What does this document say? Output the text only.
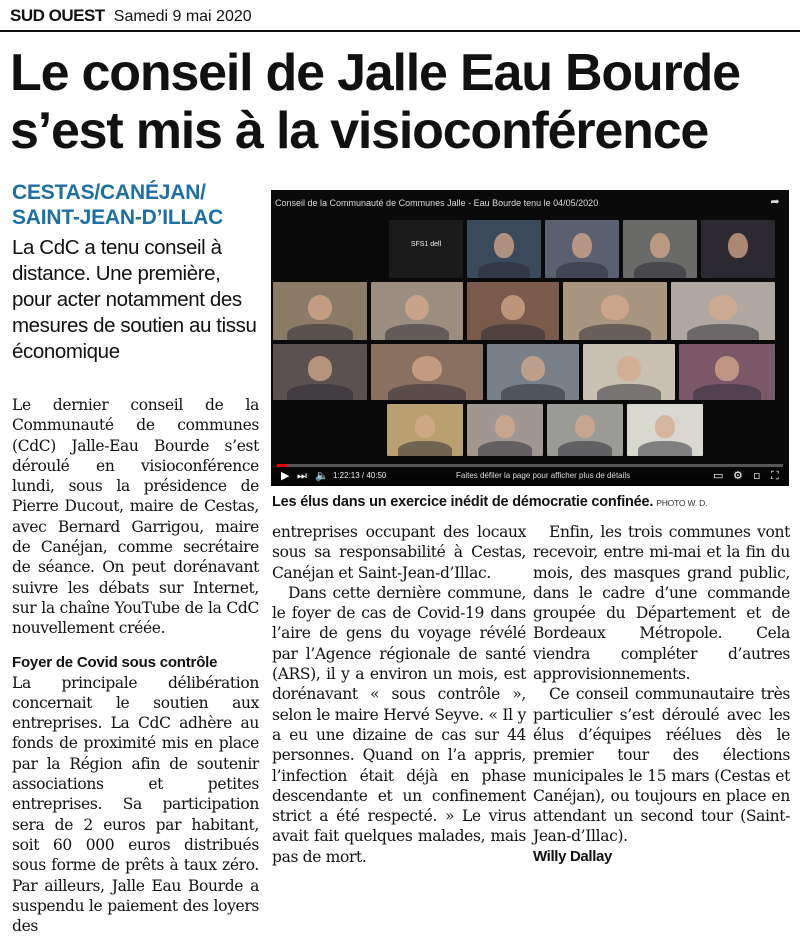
SUD OUEST Samedi 9 mai 2020
Le conseil de Jalle Eau Bourde
s’est mis à la visioconférence
CESTAS/CANÉJAN/
SAINT-JEAN-D’ILLAC
La CdC a tenu conseil à distance. Une première, pour acter notamment des mesures de soutien au tissu économique
Conseil de la Communauté de Communes Jalle - Eau Bourde tenu le 04/05/2020	➦
SFS1 dell
▶ ⏭ 🔈 1:22:13 / 40:50	Faites défiler la page pour afficher plus de détails	▭ ⚙ ▫ ⛶
Les élus dans un exercice inédit de démocratie confinée. PHOTO W. D.

Le dernier conseil de la Communauté de communes (CdC) Jalle-Eau Bourde s’est déroulé en visioconférence lundi, sous la présidence de Pierre Ducout, maire de Cestas, avec Bernard Garrigou, maire de Canéjan, comme secrétaire de séance. On peut dorénavant suivre les débats sur Internet, sur la chaîne YouTube de la CdC nouvellement créée.

Foyer de Covid sous contrôle

La principale délibération concernait le soutien aux entreprises. La CdC adhère au fonds de proximité mis en place par la Région afin de soutenir associations et petites entreprises. Sa participation sera de 2 euros par habitant, soit 60 000 euros distribués sous forme de prêts à taux zéro. Par ailleurs, Jalle Eau Bourde a suspendu le paiement des loyers des

entreprises occupant des locaux sous sa responsabilité à Cestas, Canéjan et Saint-Jean-d’Illac.

Dans cette dernière commune, le foyer de cas de Covid-19 dans l’aire de gens du voyage révélé par l’Agence régionale de santé (ARS), il y a environ un mois, est dorénavant « sous contrôle », selon le maire Hervé Seyve. « Il y a eu une dizaine de cas sur 44 personnes. Quand on l’a appris, l’infection était déjà en phase descendante et un confinement strict a été respecté. » Le virus avait fait quelques malades, mais pas de mort.

Enfin, les trois communes vont recevoir, entre mi-mai et la fin du mois, des masques grand public, dans le cadre d’une commande groupée du Département et de Bordeaux Métropole. Cela viendra compléter d’autres approvisionnements.

Ce conseil communautaire très particulier s’est déroulé avec les élus d’équipes réélues dès le premier tour des élections municipales le 15 mars (Cestas et Canéjan), ou toujours en place en attendant un second tour (Saint-Jean-d’Illac).

Willy Dallay
